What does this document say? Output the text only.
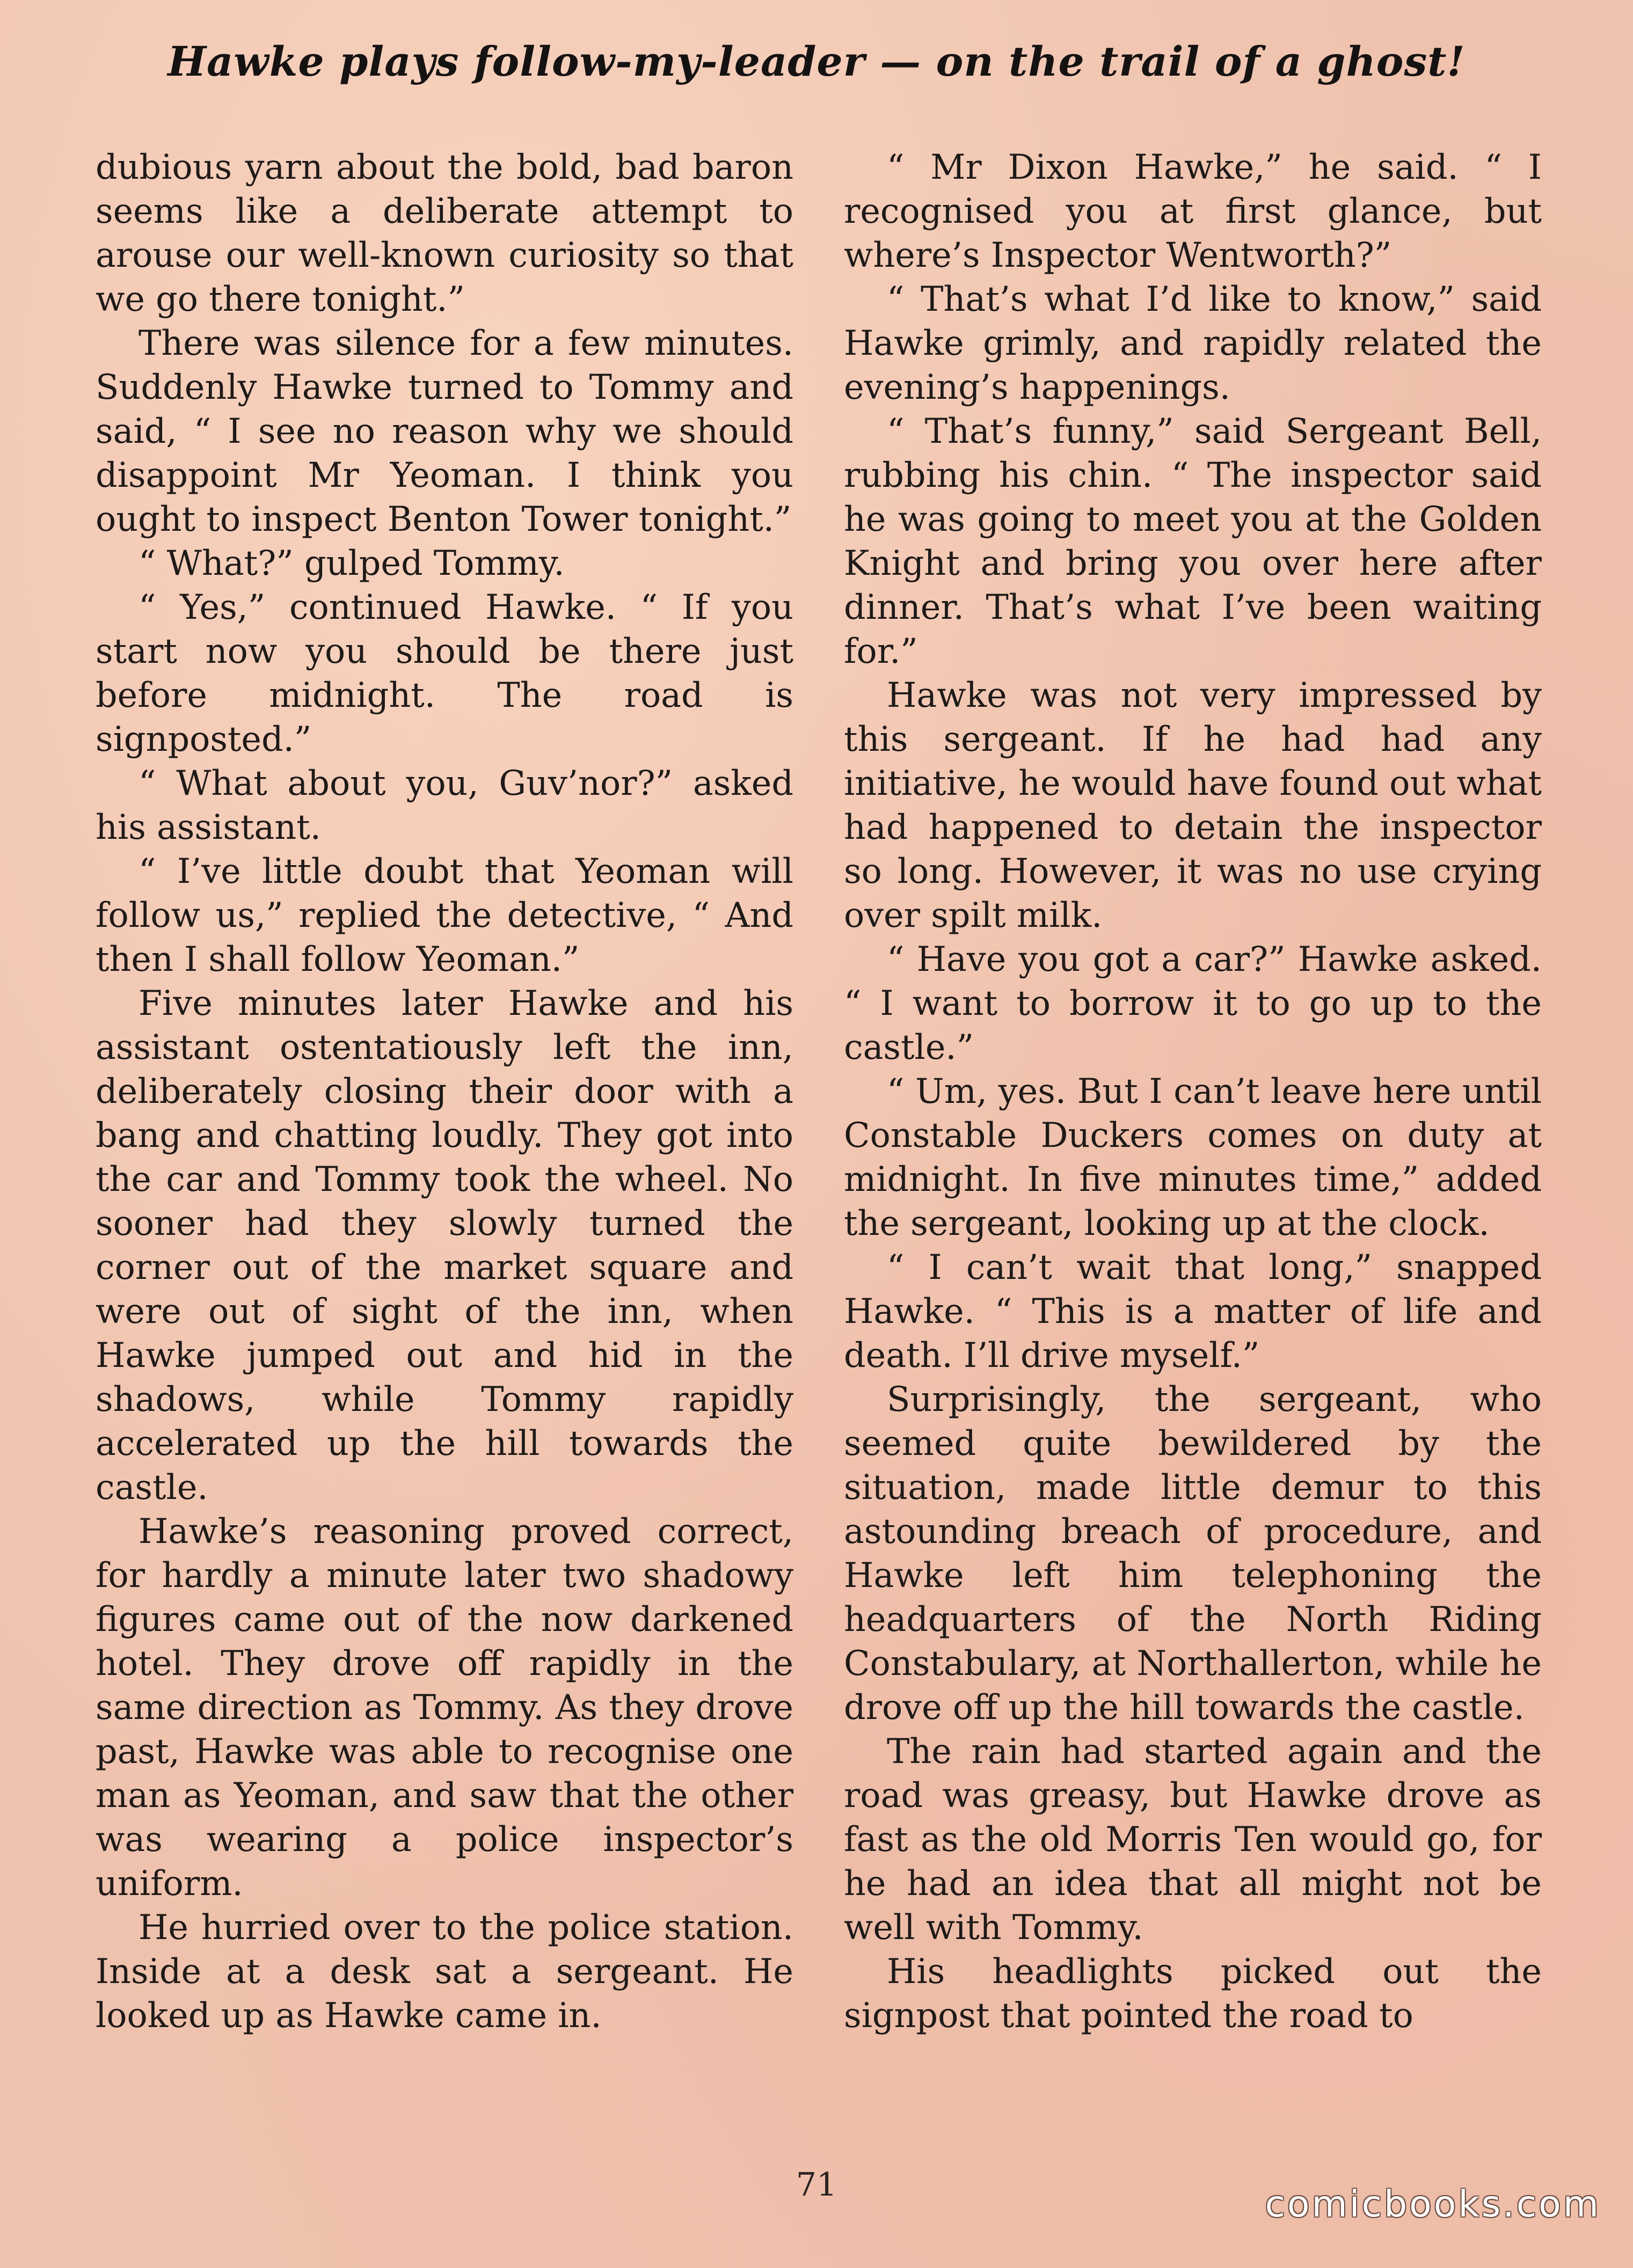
Hawke plays follow-my-leader — on the trail of a ghost!

dubious yarn about the bold, bad baron seems like a deliberate attempt to arouse our well-known curiosity so that we go there tonight.”

There was silence for a few minutes. Suddenly Hawke turned to Tommy and said, “ I see no reason why we should disappoint Mr Yeoman. I think you ought to inspect Benton Tower tonight.”

“ What?” gulped Tommy.

“ Yes,” continued Hawke. “ If you start now you should be there just before midnight. The road is signposted.”

“ What about you, Guv’nor?” asked his assistant.

“ I’ve little doubt that Yeoman will follow us,” replied the detective, “ And then I shall follow Yeoman.”

Five minutes later Hawke and his assistant ostentatiously left the inn, deliberately closing their door with a bang and chatting loudly. They got into the car and Tommy took the wheel. No sooner had they slowly turned the corner out of the market square and were out of sight of the inn, when Hawke jumped out and hid in the shadows, while Tommy rapidly accelerated up the hill towards the castle.

Hawke’s reasoning proved correct, for hardly a minute later two shadowy figures came out of the now darkened hotel. They drove off rapidly in the same direction as Tommy. As they drove past, Hawke was able to recognise one man as Yeoman, and saw that the other was wearing a police inspector’s uniform.

He hurried over to the police station. Inside at a desk sat a sergeant. He looked up as Hawke came in.

“ Mr Dixon Hawke,” he said. “ I recognised you at first glance, but where’s Inspector Wentworth?”

“ That’s what I’d like to know,” said Hawke grimly, and rapidly related the evening’s happenings.

“ That’s funny,” said Sergeant Bell, rubbing his chin. “ The inspector said he was going to meet you at the Golden Knight and bring you over here after dinner. That’s what I’ve been waiting for.”

Hawke was not very impressed by this sergeant. If he had had any initiative, he would have found out what had happened to detain the inspector so long. However, it was no use crying over spilt milk.

“ Have you got a car?” Hawke asked. “ I want to borrow it to go up to the castle.”

“ Um, yes. But I can’t leave here until Constable Duckers comes on duty at midnight. In five minutes time,” added the sergeant, looking up at the clock.

“ I can’t wait that long,” snapped Hawke. “ This is a matter of life and death. I’ll drive myself.”

Surprisingly, the sergeant, who seemed quite bewildered by the situation, made little demur to this astounding breach of procedure, and Hawke left him telephoning the headquarters of the North Riding Constabulary, at Northallerton, while he drove off up the hill towards the castle.

The rain had started again and the road was greasy, but Hawke drove as fast as the old Morris Ten would go, for he had an idea that all might not be well with Tommy.

His headlights picked out the signpost that pointed the road to

71	comicbooks.com
